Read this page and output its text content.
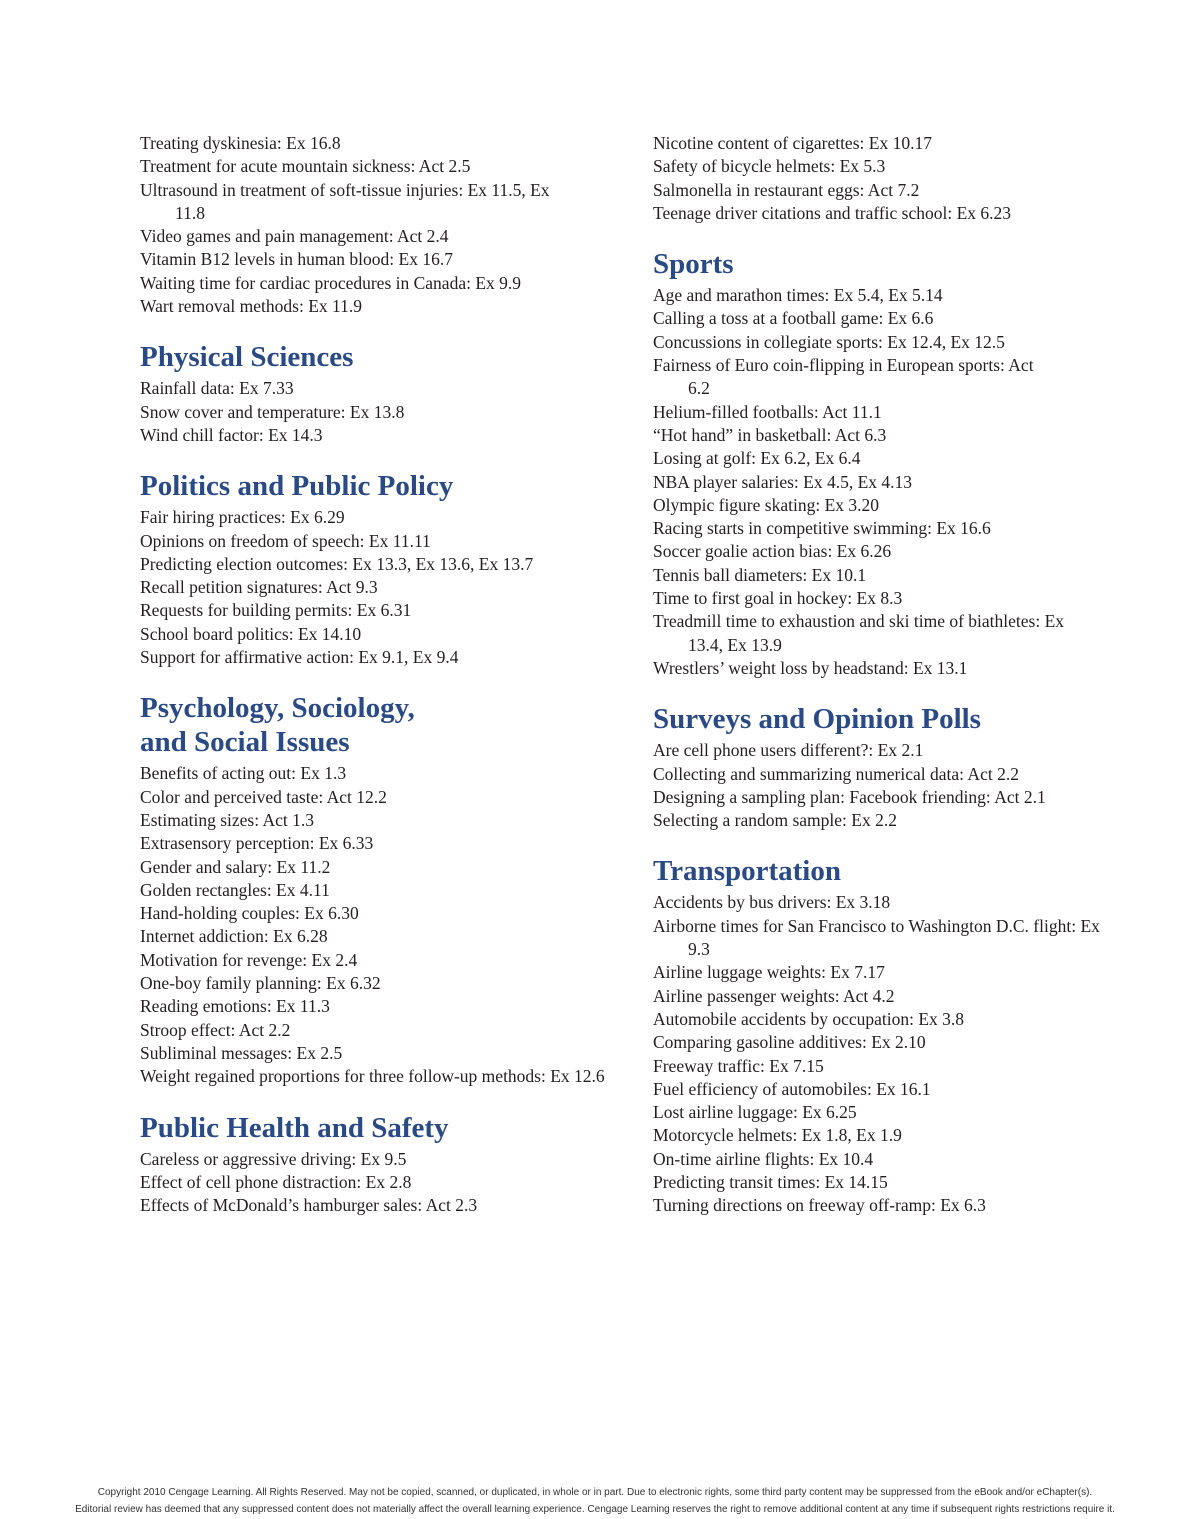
Treating dyskinesia: Ex 16.8
Treatment for acute mountain sickness: Act 2.5
Ultrasound in treatment of soft-tissue injuries: Ex 11.5, Ex 11.8
Video games and pain management: Act 2.4
Vitamin B12 levels in human blood: Ex 16.7
Waiting time for cardiac procedures in Canada: Ex 9.9
Wart removal methods: Ex 11.9
Physical Sciences
Rainfall data: Ex 7.33
Snow cover and temperature: Ex 13.8
Wind chill factor: Ex 14.3
Politics and Public Policy
Fair hiring practices: Ex 6.29
Opinions on freedom of speech: Ex 11.11
Predicting election outcomes: Ex 13.3, Ex 13.6, Ex 13.7
Recall petition signatures: Act 9.3
Requests for building permits: Ex 6.31
School board politics: Ex 14.10
Support for affirmative action: Ex 9.1, Ex 9.4
Psychology, Sociology,
and Social Issues
Benefits of acting out: Ex 1.3
Color and perceived taste: Act 12.2
Estimating sizes: Act 1.3
Extrasensory perception: Ex 6.33
Gender and salary: Ex 11.2
Golden rectangles: Ex 4.11
Hand-holding couples: Ex 6.30
Internet addiction: Ex 6.28
Motivation for revenge: Ex 2.4
One-boy family planning: Ex 6.32
Reading emotions: Ex 11.3
Stroop effect: Act 2.2
Subliminal messages: Ex 2.5
Weight regained proportions for three follow-up methods: Ex 12.6
Public Health and Safety
Careless or aggressive driving: Ex 9.5
Effect of cell phone distraction: Ex 2.8
Effects of McDonald’s hamburger sales: Act 2.3
Nicotine content of cigarettes: Ex 10.17
Safety of bicycle helmets: Ex 5.3
Salmonella in restaurant eggs: Act 7.2
Teenage driver citations and traffic school: Ex 6.23
Sports
Age and marathon times: Ex 5.4, Ex 5.14
Calling a toss at a football game: Ex 6.6
Concussions in collegiate sports: Ex 12.4, Ex 12.5
Fairness of Euro coin-flipping in European sports: Act 6.2
Helium-filled footballs: Act 11.1
“Hot hand” in basketball: Act 6.3
Losing at golf: Ex 6.2, Ex 6.4
NBA player salaries: Ex 4.5, Ex 4.13
Olympic figure skating: Ex 3.20
Racing starts in competitive swimming: Ex 16.6
Soccer goalie action bias: Ex 6.26
Tennis ball diameters: Ex 10.1
Time to first goal in hockey: Ex 8.3
Treadmill time to exhaustion and ski time of biathletes: Ex 13.4, Ex 13.9
Wrestlers’ weight loss by headstand: Ex 13.1
Surveys and Opinion Polls
Are cell phone users different?: Ex 2.1
Collecting and summarizing numerical data: Act 2.2
Designing a sampling plan: Facebook friending: Act 2.1
Selecting a random sample: Ex 2.2
Transportation
Accidents by bus drivers: Ex 3.18
Airborne times for San Francisco to Washington D.C. flight: Ex 9.3
Airline luggage weights: Ex 7.17
Airline passenger weights: Act 4.2
Automobile accidents by occupation: Ex 3.8
Comparing gasoline additives: Ex 2.10
Freeway traffic: Ex 7.15
Fuel efficiency of automobiles: Ex 16.1
Lost airline luggage: Ex 6.25
Motorcycle helmets: Ex 1.8, Ex 1.9
On-time airline flights: Ex 10.4
Predicting transit times: Ex 14.15
Turning directions on freeway off-ramp: Ex 6.3
Copyright 2010 Cengage Learning. All Rights Reserved. May not be copied, scanned, or duplicated, in whole or in part. Due to electronic rights, some third party content may be suppressed from the eBook and/or eChapter(s).
Editorial review has deemed that any suppressed content does not materially affect the overall learning experience. Cengage Learning reserves the right to remove additional content at any time if subsequent rights restrictions require it.
